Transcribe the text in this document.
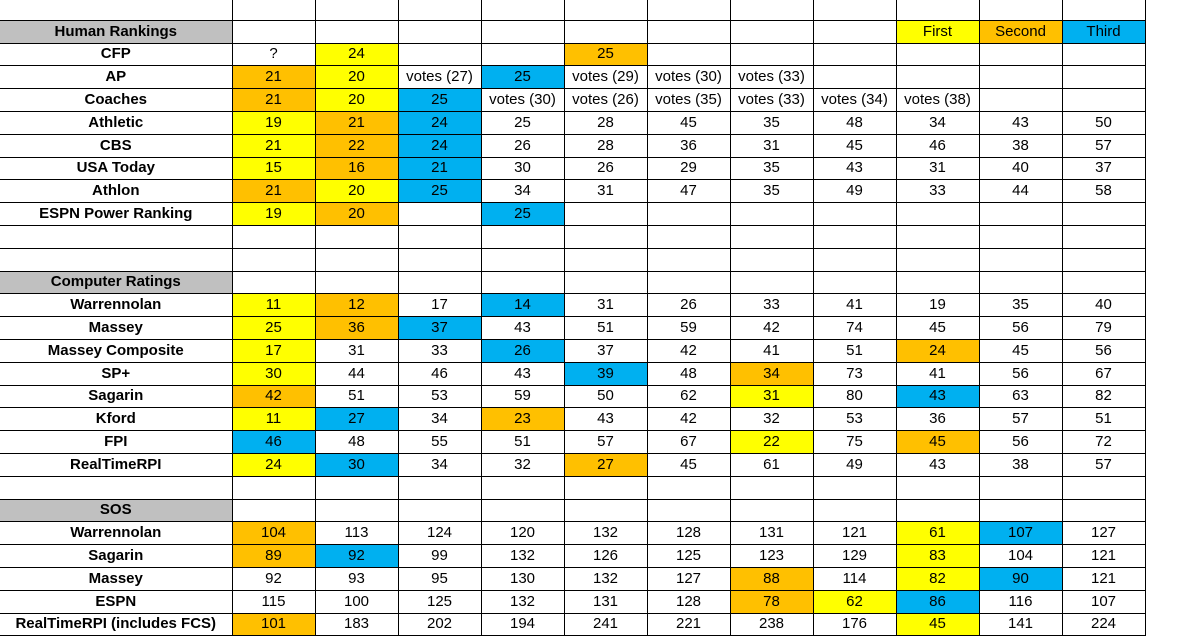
Human Rankings									First	Second	Third
CFP	?	24			25						
AP	21	20	votes (27)	25	votes (29)	votes (30)	votes (33)				
Coaches	21	20	25	votes (30)	votes (26)	votes (35)	votes (33)	votes (34)	votes (38)		
Athletic	19	21	24	25	28	45	35	48	34	43	50
CBS	21	22	24	26	28	36	31	45	46	38	57
USA Today	15	16	21	30	26	29	35	43	31	40	37
Athlon	21	20	25	34	31	47	35	49	33	44	58
ESPN Power Ranking	19	20		25							

Computer Ratings											
Warrennolan	11	12	17	14	31	26	33	41	19	35	40
Massey	25	36	37	43	51	59	42	74	45	56	79
Massey Composite	17	31	33	26	37	42	41	51	24	45	56
SP+	30	44	46	43	39	48	34	73	41	56	67
Sagarin	42	51	53	59	50	62	31	80	43	63	82
Kford	11	27	34	23	43	42	32	53	36	57	51
FPI	46	48	55	51	57	67	22	75	45	56	72
RealTimeRPI	24	30	34	32	27	45	61	49	43	38	57

SOS											
Warrennolan	104	113	124	120	132	128	131	121	61	107	127
Sagarin	89	92	99	132	126	125	123	129	83	104	121
Massey	92	93	95	130	132	127	88	114	82	90	121
ESPN	115	100	125	132	131	128	78	62	86	116	107
RealTimeRPI (includes FCS)	101	183	202	194	241	221	238	176	45	141	224
